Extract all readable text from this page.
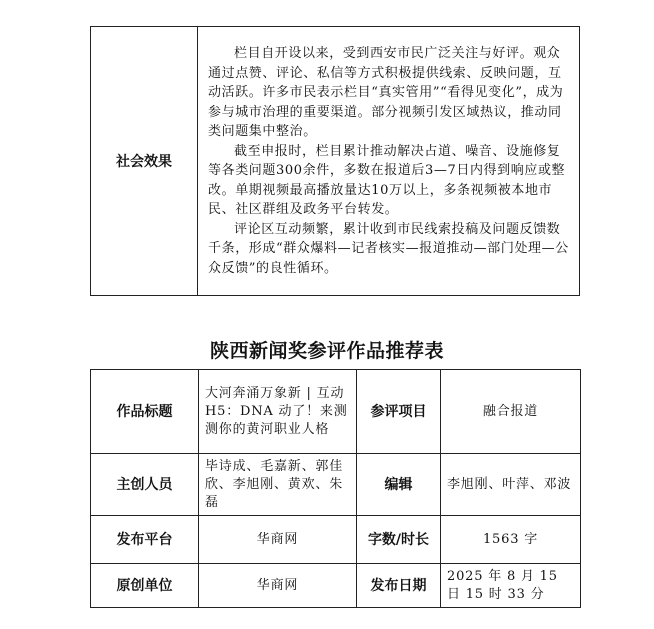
社会效果	

栏目自开设以来，受到西安市民广泛关注与好评。观众通过点赞、评论、私信等方式积极提供线索、反映问题，互动活跃。许多市民表示栏目“真实管用”“看得见变化”，成为参与城市治理的重要渠道。部分视频引发区域热议，推动同类问题集中整治。

截至申报时，栏目累计推动解决占道、噪音、设施修复等各类问题300余件，多数在报道后3—7日内得到响应或整改。单期视频最高播放量达10万以上，多条视频被本地市民、社区群组及政务平台转发。

评论区互动频繁，累计收到市民线索投稿及问题反馈数千条，形成“群众爆料—记者核实—报道推动—部门处理—公众反馈”的良性循环。

陕西新闻奖参评作品推荐表
作品标题	大河奔涌万象新 | 互动 H5：DNA 动了！来测测你的黄河职业人格	参评项目	融合报道
主创人员	毕诗成、毛嘉新、郭佳欣、李旭刚、黄欢、朱磊	编辑	李旭刚、叶萍、邓波
发布平台	华商网	字数/时长	1563 字
原创单位	华商网	发布日期	2025 年 8 月 15 日 15 时 33 分
